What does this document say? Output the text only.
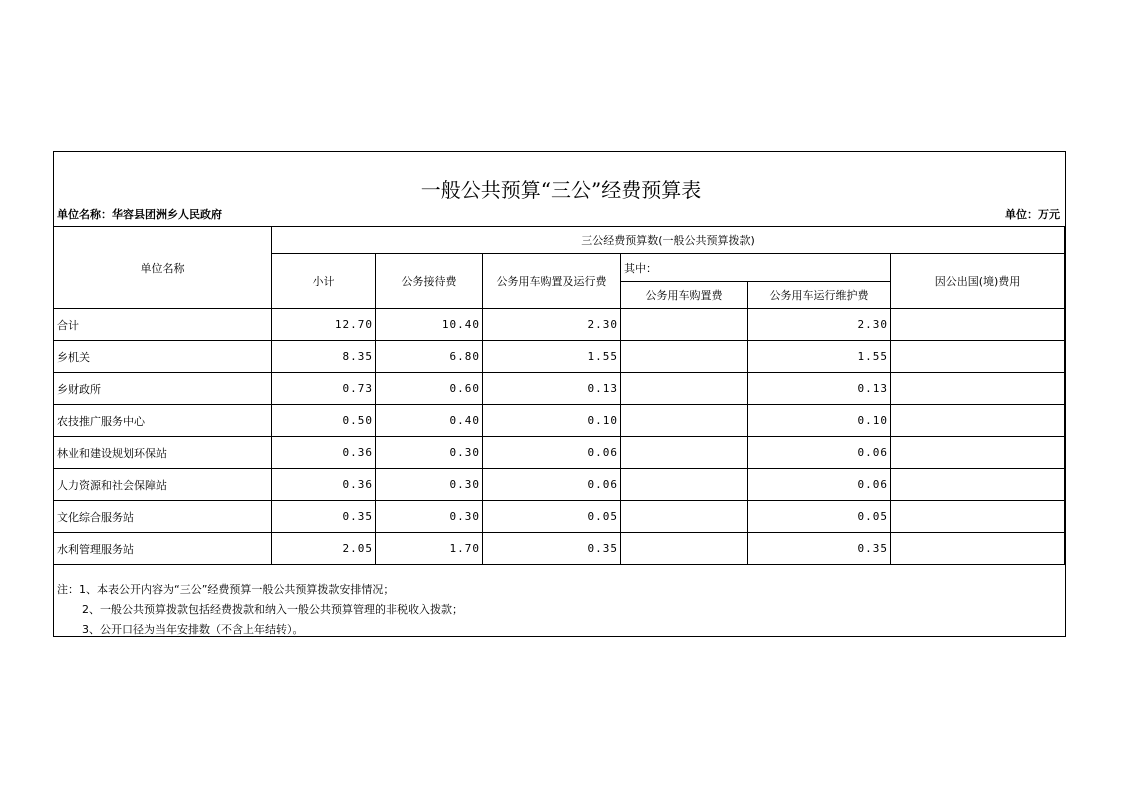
一般公共预算“三公”经费预算表
单位名称：华容县团洲乡人民政府	单位：万元
单位名称	三公经费预算数(一般公共预算拨款)					
	小计	公务接待费	公务用车购置及运行费	其中：		因公出国(境)费用
				公务用车购置费	公务用车运行维护费	
合计	12.70	10.40	2.30		2.30	
乡机关	8.35	6.80	1.55		1.55	
乡财政所	0.73	0.60	0.13		0.13	
农技推广服务中心	0.50	0.40	0.10		0.10	
林业和建设规划环保站	0.36	0.30	0.06		0.06	
人力资源和社会保障站	0.36	0.30	0.06		0.06	
文化综合服务站	0.35	0.30	0.05		0.05	
水利管理服务站	2.05	1.70	0.35		0.35	
注：1、本表公开内容为“三公”经费预算一般公共预算拨款安排情况；
2、一般公共预算拨款包括经费拨款和纳入一般公共预算管理的非税收入拨款；
3、公开口径为当年安排数（不含上年结转）。
